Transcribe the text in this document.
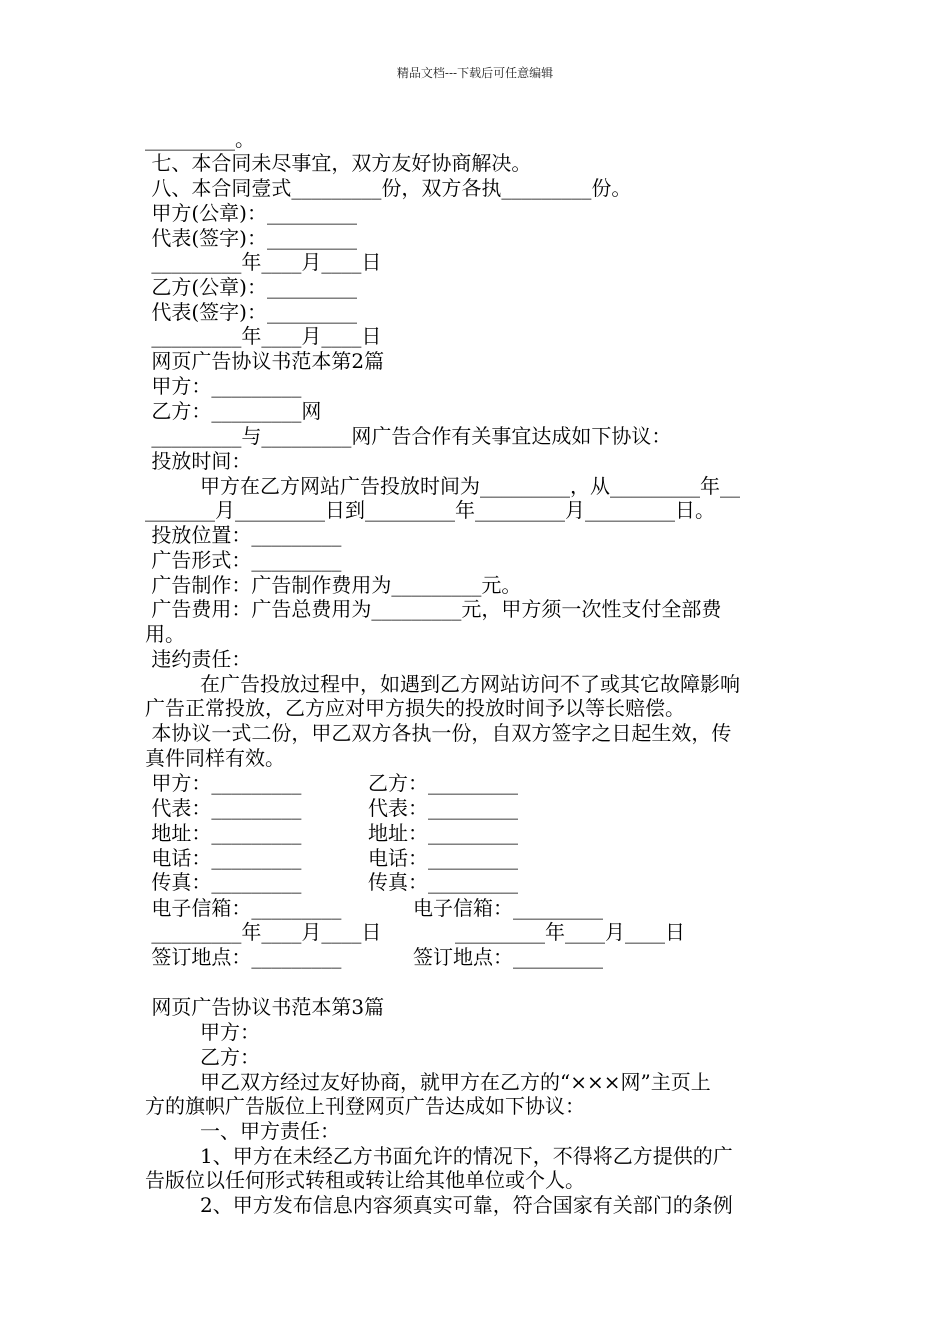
精品文档---下载后可任意编辑
_________。
七、本合同未尽事宜，双方友好协商解决。
八、本合同壹式_________份，双方各执_________份。
甲方(公章)：_________
代表(签字)：_________
_________年____月____日
乙方(公章)：_________
代表(签字)：_________
_________年____月____日
网页广告协议书范本第2篇
甲方：_________
乙方：_________网
_________与_________网广告合作有关事宜达成如下协议：
投放时间：
甲方在乙方网站广告投放时间为_________，从_________年__
_______月_________日到_________年_________月_________日。
投放位置：_________
广告形式：_________
广告制作：广告制作费用为_________元。
广告费用：广告总费用为_________元，甲方须一次性支付全部费
用。
违约责任：
在广告投放过程中，如遇到乙方网站访问不了或其它故障影响
广告正常投放，乙方应对甲方损失的投放时间予以等长赔偿。
本协议一式二份，甲乙双方各执一份，自双方签字之日起生效，传
真件同样有效。
甲方：_________	乙方：_________
代表：_________	代表：_________
地址：_________	地址：_________
电话：_________	电话：_________
传真：_________	传真：_________
电子信箱：_________	电子信箱：_________
_________年____月____日	_________年____月____日
签订地点：_________	签订地点：_________
网页广告协议书范本第3篇
甲方：
乙方：
甲乙双方经过友好协商，就甲方在乙方的“×××网”主页上
方的旗帜广告版位上刊登网页广告达成如下协议：
一、甲方责任：
1、甲方在未经乙方书面允许的情况下，不得将乙方提供的广
告版位以任何形式转租或转让给其他单位或个人。
2、甲方发布信息内容须真实可靠，符合国家有关部门的条例
